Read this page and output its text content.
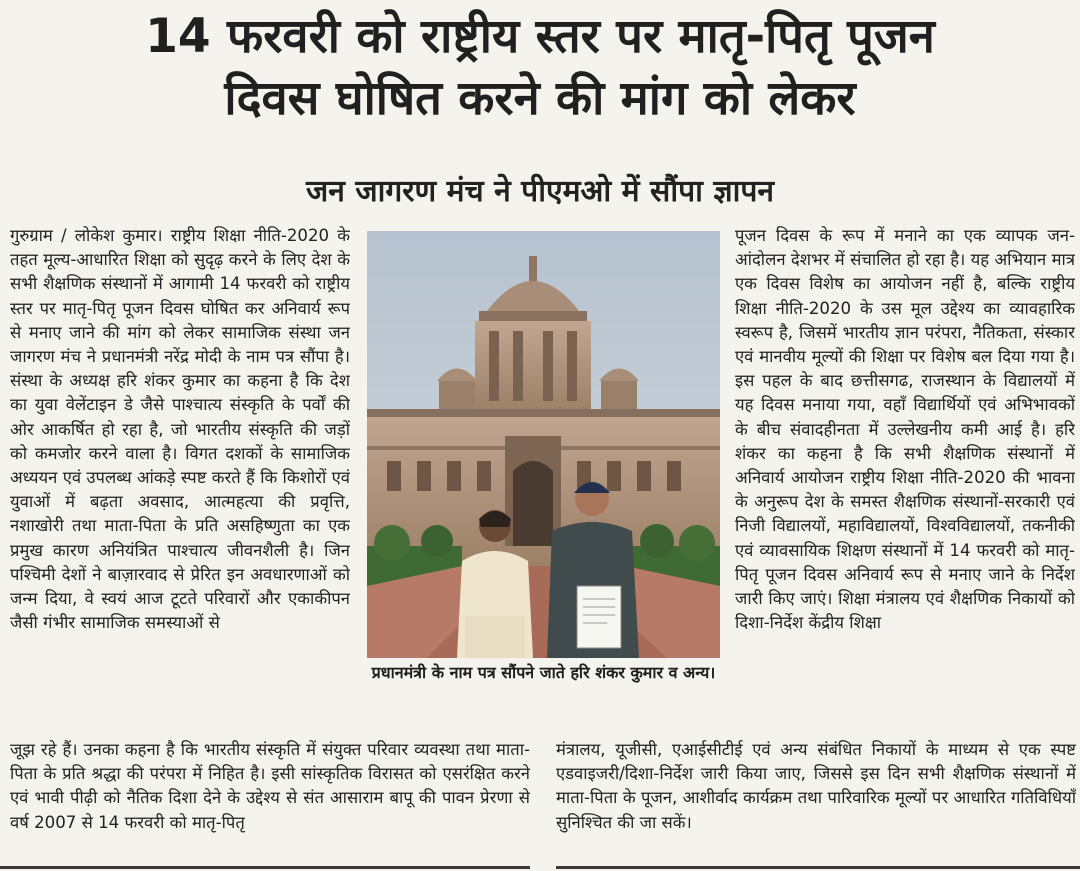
14 फरवरी को राष्ट्रीय स्तर पर मातृ-पितृ पूजन
दिवस घोषित करने की मांग को लेकर
जन जागरण मंच ने पीएमओ में सौंपा ज्ञापन

गुरुग्राम / लोकेश कुमार। राष्ट्रीय शिक्षा नीति-2020 के तहत मूल्य-आधारित शिक्षा को सुदृढ़ करने के लिए देश के सभी शैक्षणिक संस्थानों में आगामी 14 फरवरी को राष्ट्रीय स्तर पर मातृ-पितृ पूजन दिवस घोषित कर अनिवार्य रूप से मनाए जाने की मांग को लेकर सामाजिक संस्था जन जागरण मंच ने प्रधानमंत्री नरेंद्र मोदी के नाम पत्र सौंपा है। संस्था के अध्यक्ष हरि शंकर कुमार का कहना है कि देश का युवा वेलेंटाइन डे जैसे पाश्चात्य संस्कृति के पर्वों की ओर आकर्षित हो रहा है, जो भारतीय संस्कृति की जड़ों को कमजोर करने वाला है। विगत दशकों के सामाजिक अध्ययन एवं उपलब्ध आंकड़े स्पष्ट करते हैं कि किशोरों एवं युवाओं में बढ़ता अवसाद, आत्महत्या की प्रवृत्ति, नशाखोरी तथा माता-पिता के प्रति असहिष्णुता का एक प्रमुख कारण अनियंत्रित पाश्चात्य जीवनशैली है। जिन पश्चिमी देशों ने बाज़ारवाद से प्रेरित इन अवधारणाओं को जन्म दिया, वे स्वयं आज टूटते परिवारों और एकाकीपन जैसी गंभीर सामाजिक समस्याओं से

प्रधानमंत्री के नाम पत्र सौंपने जाते हरि शंकर कुमार व अन्य।

पूजन दिवस के रूप में मनाने का एक व्यापक जन-आंदोलन देशभर में संचालित हो रहा है। यह अभियान मात्र एक दिवस विशेष का आयोजन नहीं है, बल्कि राष्ट्रीय शिक्षा नीति-2020 के उस मूल उद्देश्य का व्यावहारिक स्वरूप है, जिसमें भारतीय ज्ञान परंपरा, नैतिकता, संस्कार एवं मानवीय मूल्यों की शिक्षा पर विशेष बल दिया गया है। इस पहल के बाद छत्तीसगढ, राजस्थान के विद्यालयों में यह दिवस मनाया गया, वहाँ विद्यार्थियों एवं अभिभावकों के बीच संवादहीनता में उल्लेखनीय कमी आई है। हरि शंकर का कहना है कि सभी शैक्षणिक संस्थानों में अनिवार्य आयोजन राष्ट्रीय शिक्षा नीति-2020 की भावना के अनुरूप देश के समस्त शैक्षणिक संस्थानों-सरकारी एवं निजी विद्यालयों, महाविद्यालयों, विश्वविद्यालयों, तकनीकी एवं व्यावसायिक शिक्षण संस्थानों में 14 फरवरी को मातृ-पितृ पूजन दिवस अनिवार्य रूप से मनाए जाने के निर्देश जारी किए जाएं। शिक्षा मंत्रालय एवं शैक्षणिक निकायों को दिशा-निर्देश केंद्रीय शिक्षा

जूझ रहे हैं। उनका कहना है कि भारतीय संस्कृति में संयुक्त परिवार व्यवस्था तथा माता-पिता के प्रति श्रद्धा की परंपरा में निहित है। इसी सांस्कृतिक विरासत को एसरंक्षित करने एवं भावी पीढ़ी को नैतिक दिशा देने के उद्देश्य से संत आसाराम बापू की पावन प्रेरणा से वर्ष 2007 से 14 फरवरी को मातृ-पितृ

मंत्रालय, यूजीसी, एआईसीटीई एवं अन्य संबंधित निकायों के माध्यम से एक स्पष्ट एडवाइजरी/दिशा-निर्देश जारी किया जाए, जिससे इस दिन सभी शैक्षणिक संस्थानों में माता-पिता के पूजन, आशीर्वाद कार्यक्रम तथा पारिवारिक मूल्यों पर आधारित गतिविधियाँ सुनिश्चित की जा सकें।
